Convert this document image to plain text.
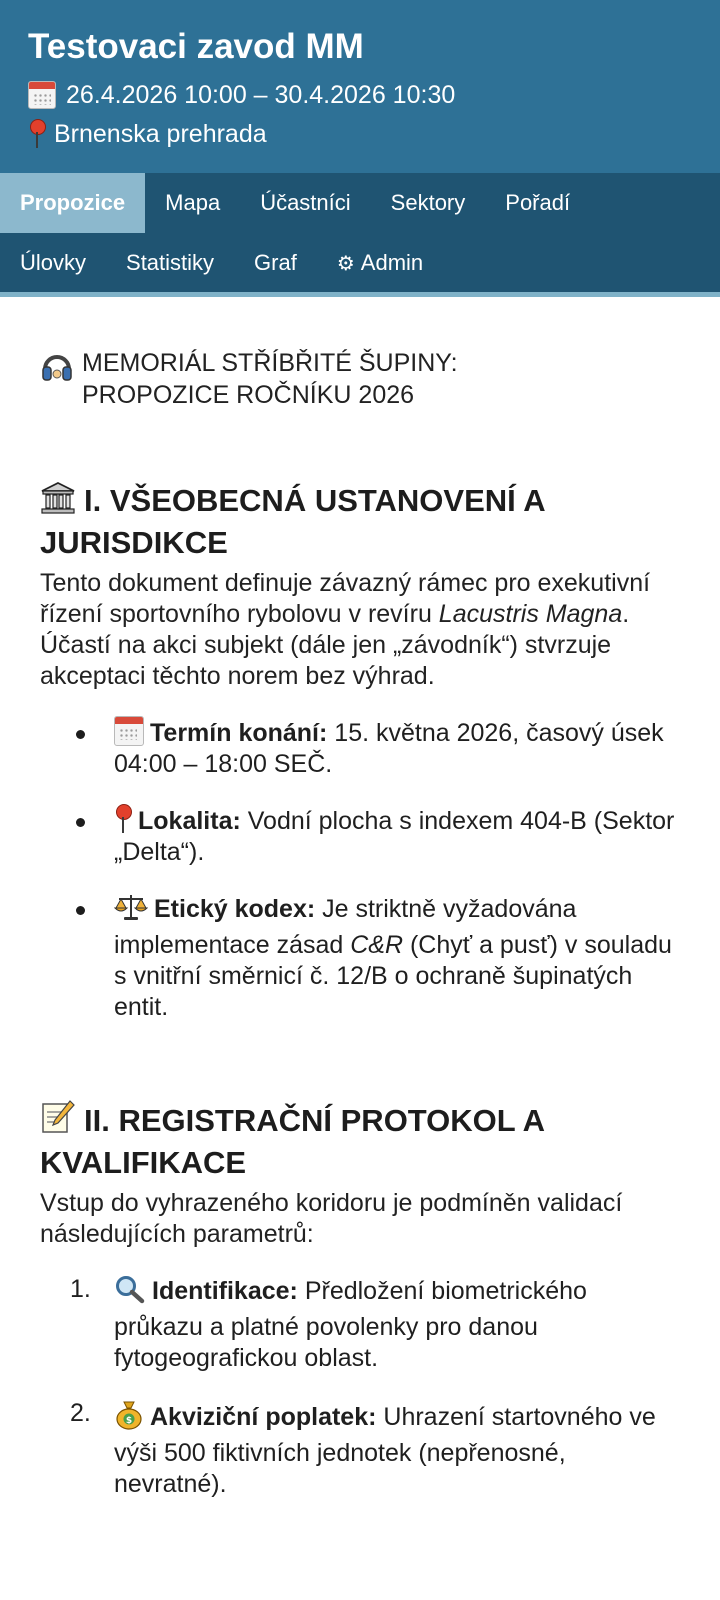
Testovaci zavod MM
26.4.2026 10:00 – 30.4.2026 10:30
Brnenska prehrada
Propozice	Mapa	Účastníci	Sektory	Pořadí
Úlovky	Statistiky	Graf	⚙ Admin
MEMORIÁL STŘÍBŘITÉ ŠUPINY:
PROPOZICE ROČNÍKU 2026
I. VŠEOBECNÁ USTANOVENÍ A JURISDIKCE

Tento dokument definuje závazný rámec pro exekutivní řízení sportovního rybolovu v revíru Lacustris Magna. Účastí na akci subjekt (dále jen „závodník“) stvrzuje akceptaci těchto norem bez výhrad.

Termín konání: 15. května 2026, časový úsek 04:00 – 18:00 SEČ.
Lokalita: Vodní plocha s indexem 404-B (Sektor „Delta“).
Etický kodex: Je striktně vyžadována implementace zásad C&R (Chyť a pusť) v souladu s vnitřní směrnicí č. 12/B o ochraně šupinatých entit.
II. REGISTRAČNÍ PROTOKOL A KVALIFIKACE

Vstup do vyhrazeného koridoru je podmíněn validací následujících parametrů:

1. Identifikace: Předložení biometrického průkazu a platné povolenky pro danou fytogeografickou oblast.
2.	$ Akviziční poplatek: Uhrazení startovného ve výši 500 fiktivních jednotek (nepřenosné, nevratné).
